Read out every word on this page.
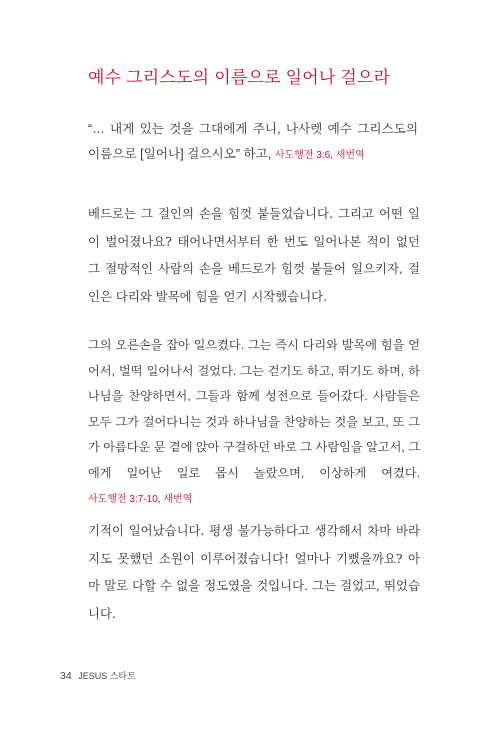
예수 그리스도의 이름으로 일어나 걸으라
“… 내게 있는 것을 그대에게 주니, 나사렛 예수 그리스도의 이름으로 [일어나] 걸으시오” 하고, 사도행전 3:6, 새번역
베드로는 그 걸인의 손을 힘껏 붙들었습니다. 그리고 어떤 일이 벌어졌나요? 태어나면서부터 한 번도 일어나본 적이 없던 그 절망적인 사람의 손을 베드로가 힘껏 붙들어 일으키자, 걸인은 다리와 발목에 힘을 얻기 시작했습니다.
그의 오른손을 잡아 일으켰다. 그는 즉시 다리와 발목에 힘을 얻어서, 벌떡 일어나서 걸었다. 그는 걷기도 하고, 뛰기도 하며, 하나님을 찬양하면서, 그들과 함께 성전으로 들어갔다. 사람들은 모두 그가 걸어다니는 것과 하나님을 찬양하는 것을 보고, 또 그가 아름다운 문 곁에 앉아 구걸하던 바로 그 사람임을 알고서, 그에게 일어난 일로 몹시 놀랐으며, 이상하게 여겼다. 사도행전 3:7-10, 새번역
기적이 일어났습니다. 평생 불가능하다고 생각해서 차마 바라지도 못했던 소원이 이루어졌습니다! 얼마나 기뻤을까요? 아마 말로 다할 수 없을 정도였을 것입니다. 그는 걸었고, 뛰었습니다.
34 JESUS 스타트
